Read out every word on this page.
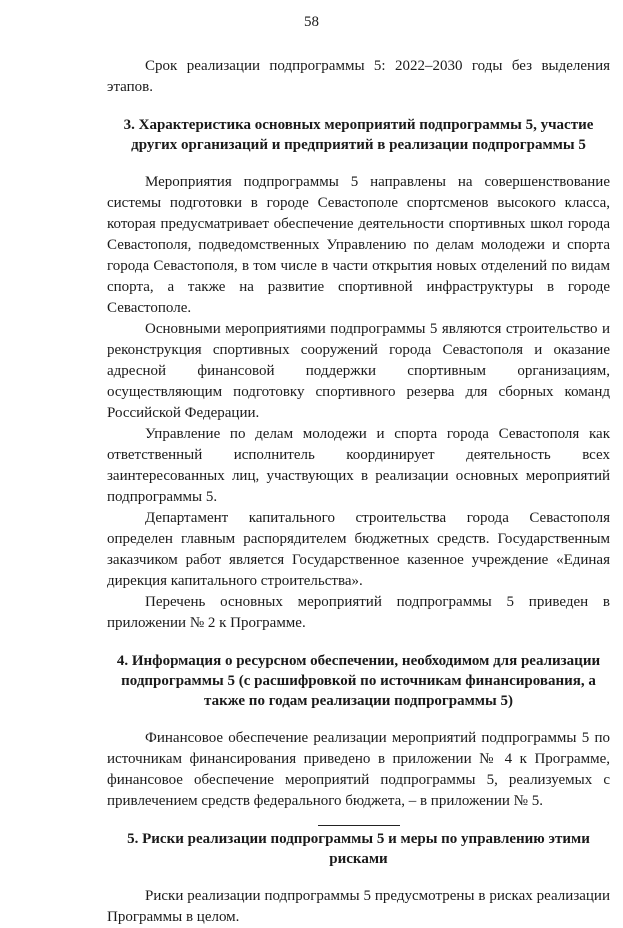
58

Срок реализации подпрограммы 5: 2022–2030 годы без выделения этапов.

3. Характеристика основных мероприятий подпрограммы 5, участие других организаций и предприятий в реализации подпрограммы 5

Мероприятия подпрограммы 5 направлены на совершенствование системы подготовки в городе Севастополе спортсменов высокого класса, которая предусматривает обеспечение деятельности спортивных школ города Севастополя, подведомственных Управлению по делам молодежи и спорта города Севастополя, в том числе в части открытия новых отделений по видам спорта, а также на развитие спортивной инфраструктуры в городе Севастополе.

Основными мероприятиями подпрограммы 5 являются строительство и реконструкция спортивных сооружений города Севастополя и оказание адресной финансовой поддержки спортивным организациям, осуществляющим подготовку спортивного резерва для сборных команд Российской Федерации.

Управление по делам молодежи и спорта города Севастополя как ответственный исполнитель координирует деятельность всех заинтересованных лиц, участвующих в реализации основных мероприятий подпрограммы 5.

Департамент капитального строительства города Севастополя определен главным распорядителем бюджетных средств. Государственным заказчиком работ является Государственное казенное учреждение «Единая дирекция капитального строительства».

Перечень основных мероприятий подпрограммы 5 приведен в приложении № 2 к Программе.

4. Информация о ресурсном обеспечении, необходимом для реализации подпрограммы 5 (с расшифровкой по источникам финансирования, а также по годам реализации подпрограммы 5)

Финансовое обеспечение реализации мероприятий подпрограммы 5 по источникам финансирования приведено в приложении № 4 к Программе, финансовое обеспечение мероприятий подпрограммы 5, реализуемых с привлечением средств федерального бюджета, – в приложении № 5.

5. Риски реализации подпрограммы 5 и меры по управлению этими рисками

Риски реализации подпрограммы 5 предусмотрены в рисках реализации Программы в целом.
